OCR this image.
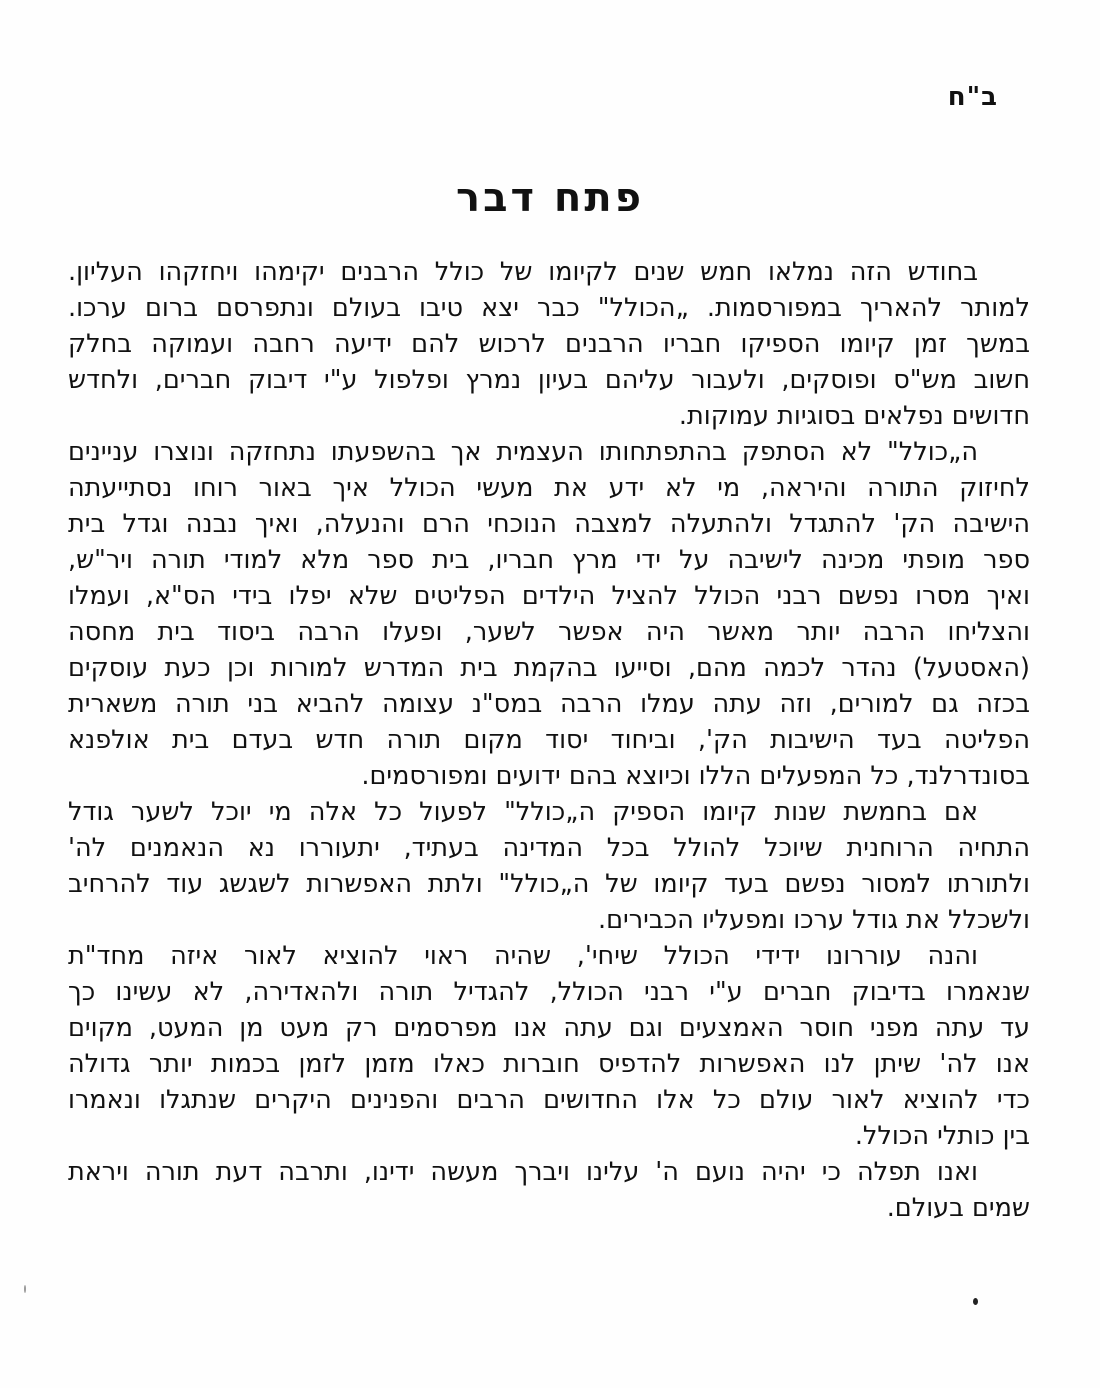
ב"ח
פתח דבר
בחודש הזה נמלאו חמש שנים לקיומו של כולל הרבנים יקימהו ויחזקהו העליון.
למותר להאריך במפורסמות. „הכולל" כבר יצא טיבו בעולם ונתפרסם ברום ערכו.
במשך זמן קיומו הספיקו חבריו הרבנים לרכוש להם ידיעה רחבה ועמוקה בחלק
חשוב מש"ס ופוסקים, ולעבור עליהם בעיון נמרץ ופלפול ע"י דיבוק חברים, ולחדש
חדושים נפלאים בסוגיות עמוקות.
ה„כולל" לא הסתפק בהתפתחותו העצמית אך בהשפעתו נתחזקה ונוצרו עניינים
לחיזוק התורה והיראה, מי לא ידע את מעשי הכולל איך באור רוחו נסתייעתה
הישיבה הק' להתגדל ולהתעלה למצבה הנוכחי הרם והנעלה, ואיך נבנה וגדל בית
ספר מופתי מכינה לישיבה על ידי מרץ חבריו, בית ספר מלא למודי תורה ויר"ש,
ואיך מסרו נפשם רבני הכולל להציל הילדים הפליטים שלא יפלו בידי הס"א, ועמלו
והצליחו הרבה יותר מאשר היה אפשר לשער, ופעלו הרבה ביסוד בית מחסה
(האסטעל) נהדר לכמה מהם, וסייעו בהקמת בית המדרש למורות וכן כעת עוסקים
בכזה גם למורים, וזה עתה עמלו הרבה במס"נ עצומה להביא בני תורה משארית
הפליטה בעד הישיבות הק', וביחוד יסוד מקום תורה חדש בעדם בית אולפנא
בסונדרלנד, כל המפעלים הללו וכיוצא בהם ידועים ומפורסמים.
אם בחמשת שנות קיומו הספיק ה„כולל" לפעול כל אלה מי יוכל לשער גודל
התחיה הרוחנית שיוכל להולל בכל המדינה בעתיד, יתעוררו נא הנאמנים לה'
ולתורתו למסור נפשם בעד קיומו של ה„כולל" ולתת האפשרות לשגשג עוד להרחיב
ולשכלל את גודל ערכו ומפעליו הכבירים.
והנה עוררונו ידידי הכולל שיחי', שהיה ראוי להוציא לאור איזה מחד"ת
שנאמרו בדיבוק חברים ע"י רבני הכולל, להגדיל תורה ולהאדירה, לא עשינו כך
עד עתה מפני חוסר האמצעים וגם עתה אנו מפרסמים רק מעט מן המעט, מקוים
אנו לה' שיתן לנו האפשרות להדפיס חוברות כאלו מזמן לזמן בכמות יותר גדולה
כדי להוציא לאור עולם כל אלו החדושים הרבים והפנינים היקרים שנתגלו ונאמרו
בין כותלי הכולל.
ואנו תפלה כי יהיה נועם ה' עלינו ויברך מעשה ידינו, ותרבה דעת תורה ויראת
שמים בעולם.
